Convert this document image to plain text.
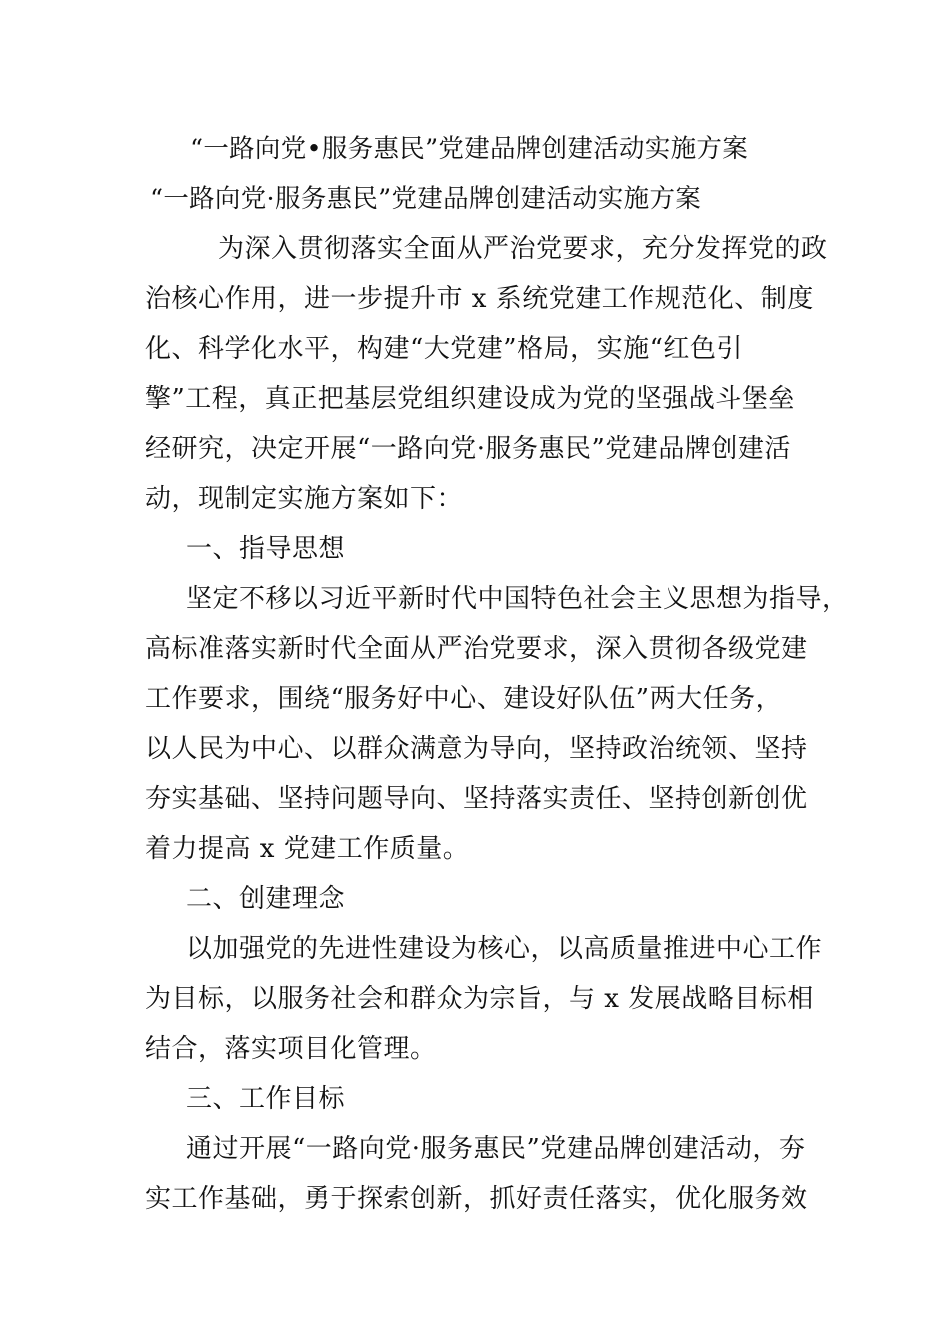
“一路向党•服务惠民”党建品牌创建活动实施方案
“一路向党·服务惠民”党建品牌创建活动实施方案
为深入贯彻落实全面从严治党要求，充分发挥党的政
治核心作用，进一步提升市 x 系统党建工作规范化、制度
化、科学化水平，构建“大党建”格局，实施“红色引
擎”工程，真正把基层党组织建设成为党的坚强战斗堡垒
经研究，决定开展“一路向党·服务惠民”党建品牌创建活
动，现制定实施方案如下：
一、指导思想
坚定不移以习近平新时代中国特色社会主义思想为指导，
高标准落实新时代全面从严治党要求，深入贯彻各级党建
工作要求，围绕“服务好中心、建设好队伍”两大任务，
以人民为中心、以群众满意为导向，坚持政治统领、坚持
夯实基础、坚持问题导向、坚持落实责任、坚持创新创优
着力提高 x 党建工作质量。
二、创建理念
以加强党的先进性建设为核心，以高质量推进中心工作
为目标，以服务社会和群众为宗旨，与 x 发展战略目标相
结合，落实项目化管理。
三、工作目标
通过开展“一路向党·服务惠民”党建品牌创建活动，夯
实工作基础，勇于探索创新，抓好责任落实，优化服务效
